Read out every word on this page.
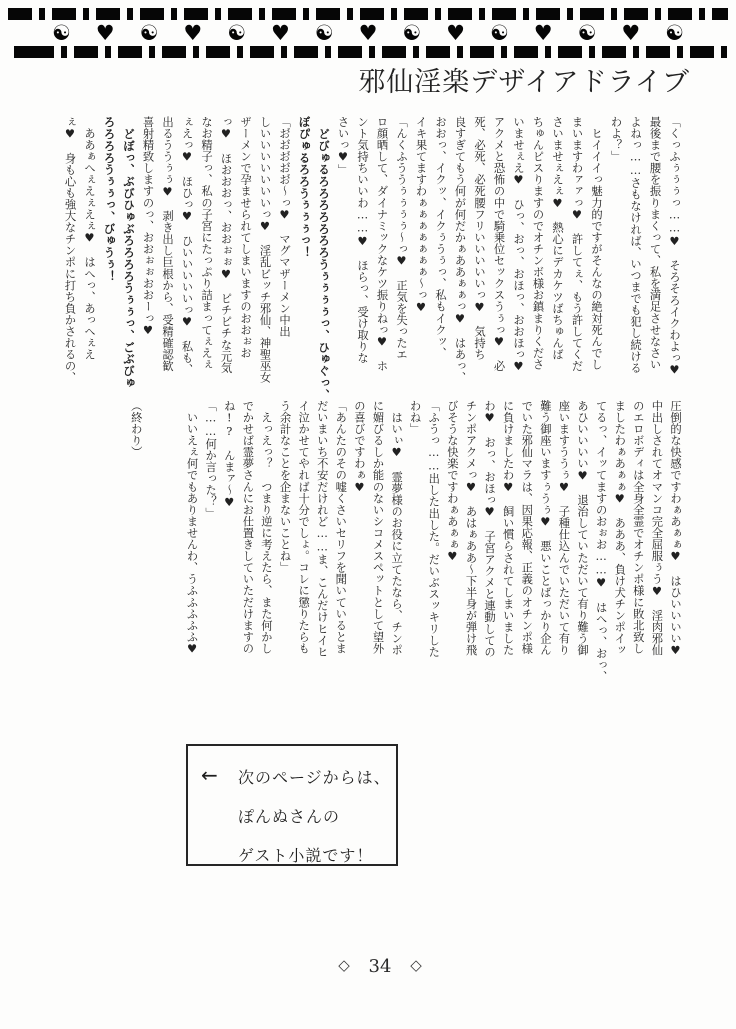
☯ ♥ ☯ ♥ ☯ ♥ ☯ ♥ ☯ ♥ ☯ ♥ ☯ ♥ ☯
邪仙淫楽デザイアドライブ
「くっふぅぅぅっ……♥　そろそろイクわよっ♥
最後まで腰を振りまくって、私を満足させなさい
よねっ……さもなければ、いつまでも犯し続ける
わよ？」
　ヒイイイっ魅力的ですがそんなの絶対死んでし
まいますわァァっ♥　許してぇ、もう許してくだ
さいませぇえぇ♥　熱心にデカケツばちゅんば
ちゅんピスりますのでオチンボ様お鎮まりくださ
いませぇえ♥　ひっ、おっ、おほっ、おおほっ♥
アクメと恐怖の中で騎乗位セックスうぅっ♥　必
死、必死、必死腰フリいいいいいっ♥　気持ち
良すぎてもう何が何だかぁああぁぁっ♥　はあっ、
おおっ、イクッ、イクぅうぅっ、私もイクッ、
イキ果てますわぁぁぁぁぁぁぁ〜っ♥
「んくふううぅぅぅぅ〜っ♥　正気を失ったエ
ロ顔晒して、ダイナミックなケツ振りねっ♥　ホ
ント気持ちいいわ……♥　ほらっ、受け取りな
さいっ♥」
　どびゅるろろろろろろろうぅぅぅぅっ、ひゅぐっ、
ぼぴゅるろろうぅぅぅっ！
「お゙お゙お゙お゙お゙〜っ♥　マグマザーメン中出
しいいいいいいいっ♥　淫乱ビッチ邪仙、神聖巫女
ザーメンで孕ませられてしまいますのおおぉお
っ♥　ほおおおっ、おおぉぉ♥　ピチピチな元気
なお精子っ、私の子宮にたっぷり詰まってぇえぇ
ぇえっ♥　ほひっ♥　ひいいいいいっ♥　私も、
出るううぅぅ♥　剥き出し巨根から、受精確認歓
喜射精致しますのっ、おおぉぉおおーっ♥
　どぼっ、ぶびひゅぶろろろろうぅぅっ、ごぶびゅ
ろろろろうぅぅっ、びゅうぅ！
　ああぁへぇえぇえぇ♥　はへっ、あっへぇえ
ぇ♥　身も心も強大なチンポに打ち負かされるの、
圧倒的な快感ですわぁあぁぁ♥　はひいいいい♥
中出しされてオマンコ完全屈服ぅう♥　淫肉邪仙
のエロボディは全身全霊でオチンポ様に敗北致し
ましたわぁあぁぁ♥　あああ、負け犬チンポイッ
てるっ、イッてますのおぉお……♥　はへっ、おっ、
あひいいいい♥　退治していただいて有り難う御
座いますううぅ♥　子種仕込んでいただいて有り
難う御座いますぅうぅ♥　悪いことばっかり企ん
でいた邪仙マラは、因果応報、正義のオチンポ様
に負けましたわ♥　飼い慣らされてしまいました
わ♥　おっ、おほっ♥　子宮アクメと連動しての
チンポアクメっ♥　あはぁああ〜下半身が弾け飛
びそうな快楽ですわぁあぁぁ♥
「ふうっ……出した出した。だいぶスッキリした
わね」
　はいぃ♥　霊夢様のお役に立てたなら、チンポ
に媚びるしか能のないシコメスペットとして望外
の喜びですわぁ♥
「あんたのその嘘くさいセリフを聞いているとま
だいまいち不安だけれど……ま、こんだけヒイヒ
イ泣かせてやれば十分でしょ。コレに懲りたらも
う余計なことを企まないことね」
　えっえっ？　つまり逆に考えたら、また何かし
でかせば霊夢さんにお仕置きしていただけますの
ね!?　んまァ〜♥
「……何か言った？」
　いいえぇ何でもありませんわ、うふふふふふ♥

（終わり）
← 次のページからは、
ぽんぬさんの
ゲスト小説です！
◇ 34 ◇
